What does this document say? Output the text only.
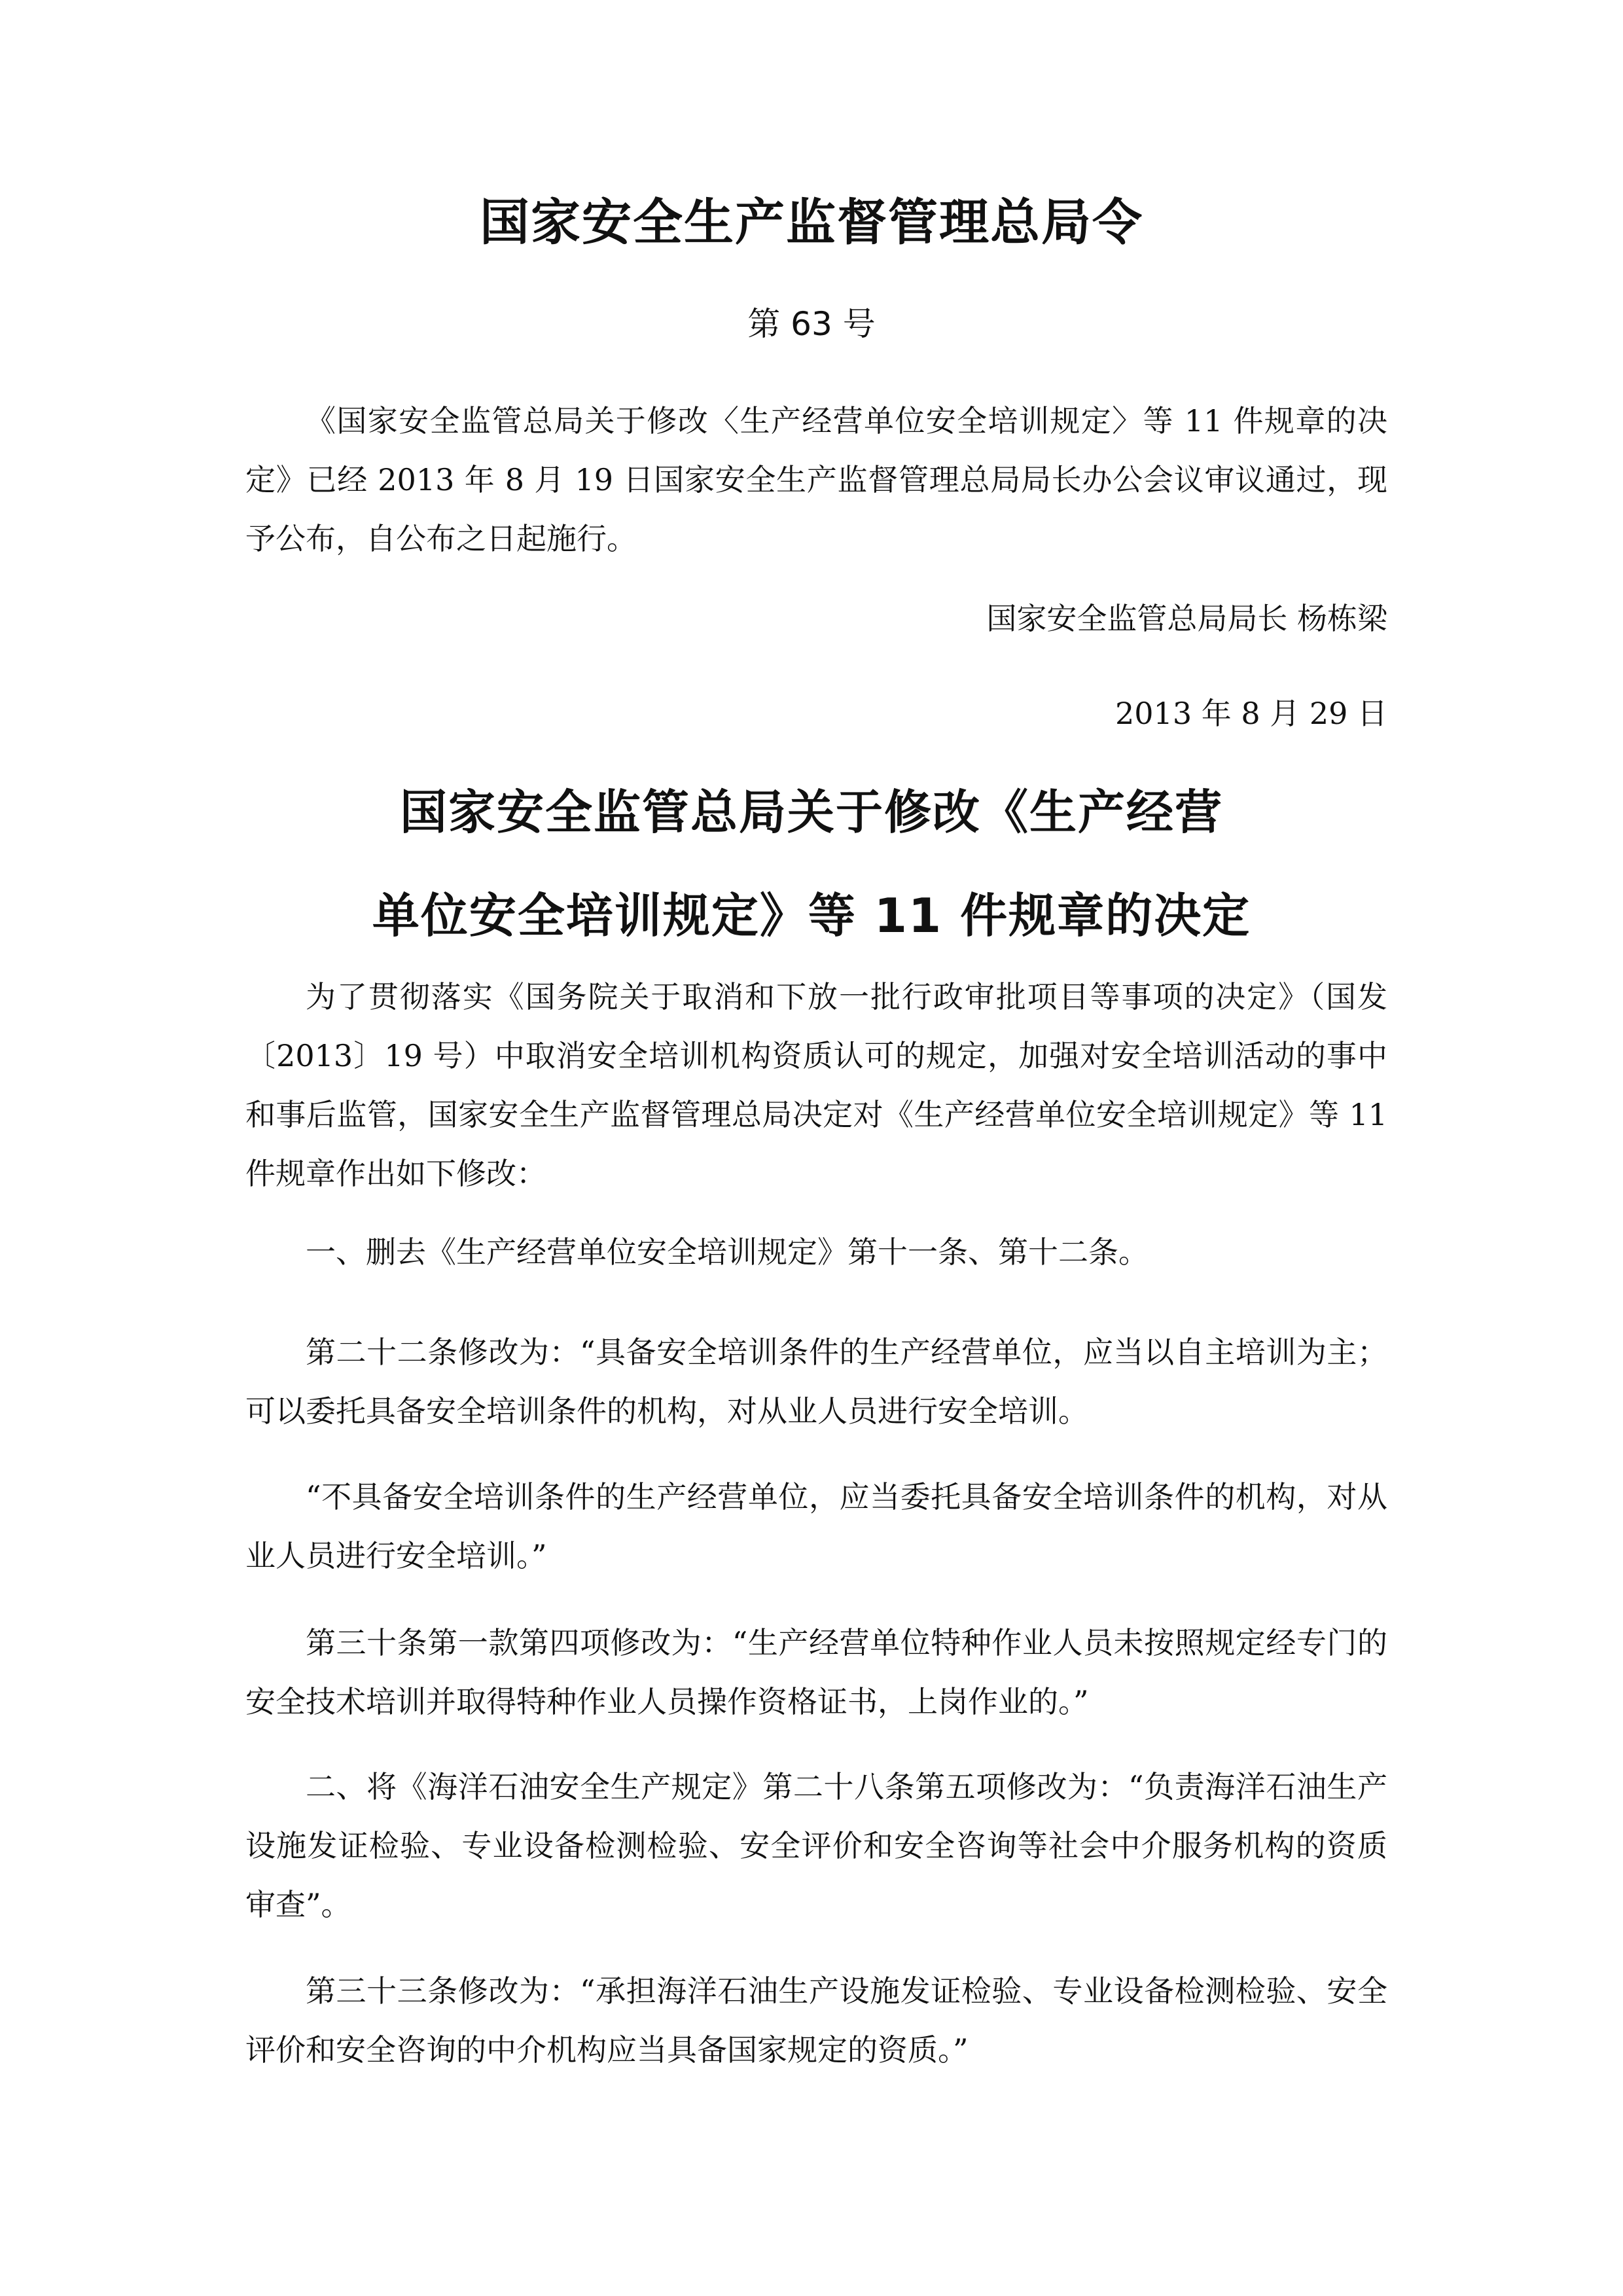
国家安全生产监督管理总局令
第 63 号

《国家安全监管总局关于修改〈生产经营单位安全培训规定〉等 11 件规章的决定》已经 2013 年 8 月 19 日国家安全生产监督管理总局局长办公会议审议通过，现予公布，自公布之日起施行。

国家安全监管总局局长 杨栋梁
2013 年 8 月 29 日
国家安全监管总局关于修改《生产经营
单位安全培训规定》等 11 件规章的决定

为了贯彻落实《国务院关于取消和下放一批行政审批项目等事项的决定》（国发〔2013〕19 号）中取消安全培训机构资质认可的规定，加强对安全培训活动的事中和事后监管，国家安全生产监督管理总局决定对《生产经营单位安全培训规定》等 11 件规章作出如下修改：

一、删去《生产经营单位安全培训规定》第十一条、第十二条。

第二十二条修改为：“具备安全培训条件的生产经营单位，应当以自主培训为主；可以委托具备安全培训条件的机构，对从业人员进行安全培训。

“不具备安全培训条件的生产经营单位，应当委托具备安全培训条件的机构，对从业人员进行安全培训。”

第三十条第一款第四项修改为：“生产经营单位特种作业人员未按照规定经专门的安全技术培训并取得特种作业人员操作资格证书，上岗作业的。”

二、将《海洋石油安全生产规定》第二十八条第五项修改为：“负责海洋石油生产设施发证检验、专业设备检测检验、安全评价和安全咨询等社会中介服务机构的资质审查”。

第三十三条修改为：“承担海洋石油生产设施发证检验、专业设备检测检验、安全评价和安全咨询的中介机构应当具备国家规定的资质。”
